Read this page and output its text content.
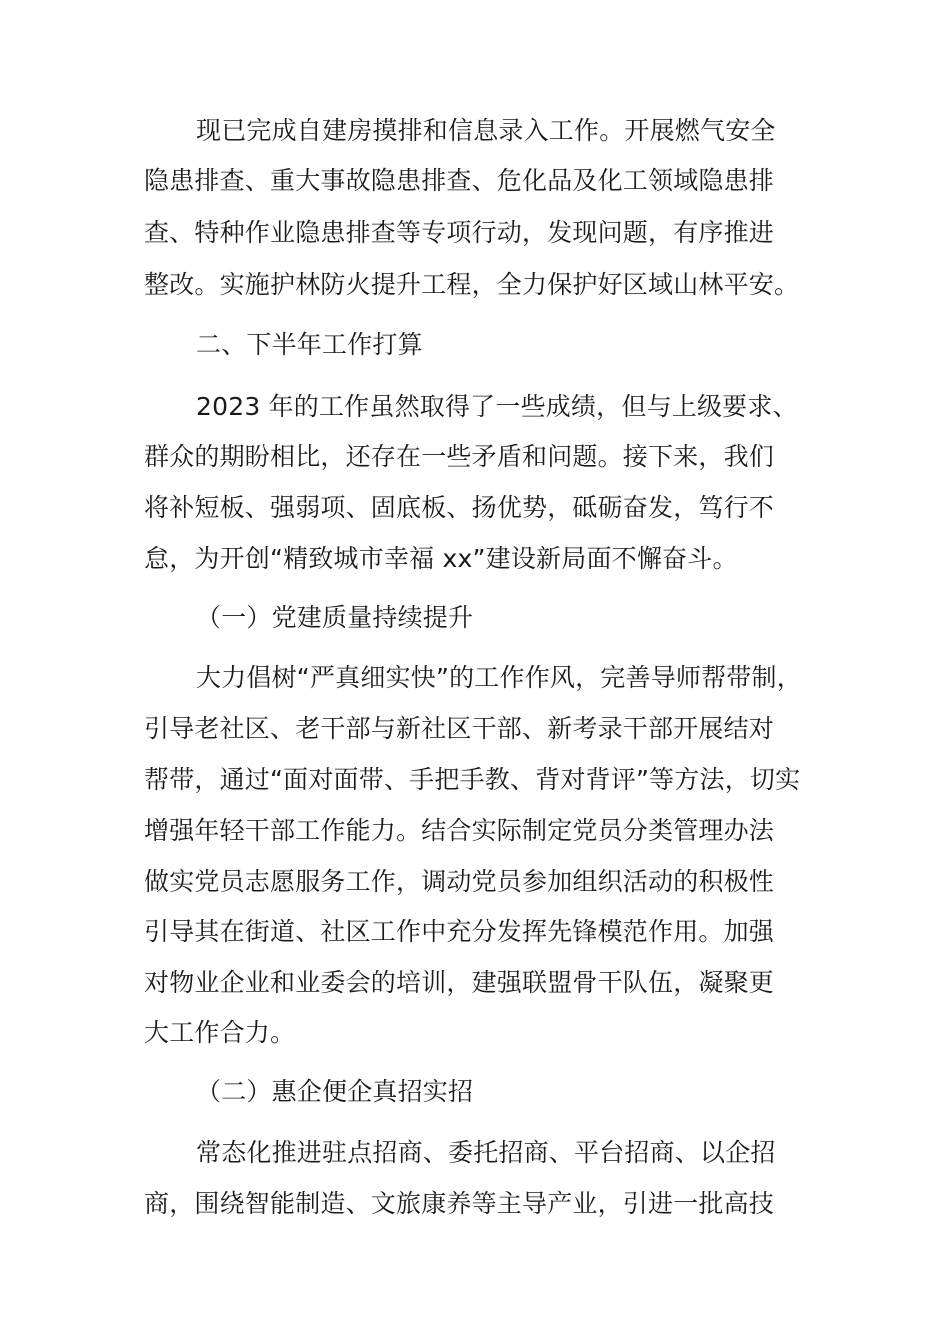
现已完成自建房摸排和信息录入工作。开展燃气安全
隐患排查、重大事故隐患排查、危化品及化工领域隐患排
查、特种作业隐患排查等专项行动，发现问题，有序推进
整改。实施护林防火提升工程，全力保护好区域山林平安。
二、下半年工作打算
2023 年的工作虽然取得了一些成绩，但与上级要求、
群众的期盼相比，还存在一些矛盾和问题。接下来，我们
将补短板、强弱项、固底板、扬优势，砥砺奋发，笃行不
怠，为开创“精致城市幸福 xx”建设新局面不懈奋斗。
（一）党建质量持续提升
大力倡树“严真细实快”的工作作风，完善导师帮带制，
引导老社区、老干部与新社区干部、新考录干部开展结对
帮带，通过“面对面带、手把手教、背对背评”等方法，切实
增强年轻干部工作能力。结合实际制定党员分类管理办法
做实党员志愿服务工作，调动党员参加组织活动的积极性
引导其在街道、社区工作中充分发挥先锋模范作用。加强
对物业企业和业委会的培训，建强联盟骨干队伍，凝聚更
大工作合力。
（二）惠企便企真招实招
常态化推进驻点招商、委托招商、平台招商、以企招
商，围绕智能制造、文旅康养等主导产业，引进一批高技
